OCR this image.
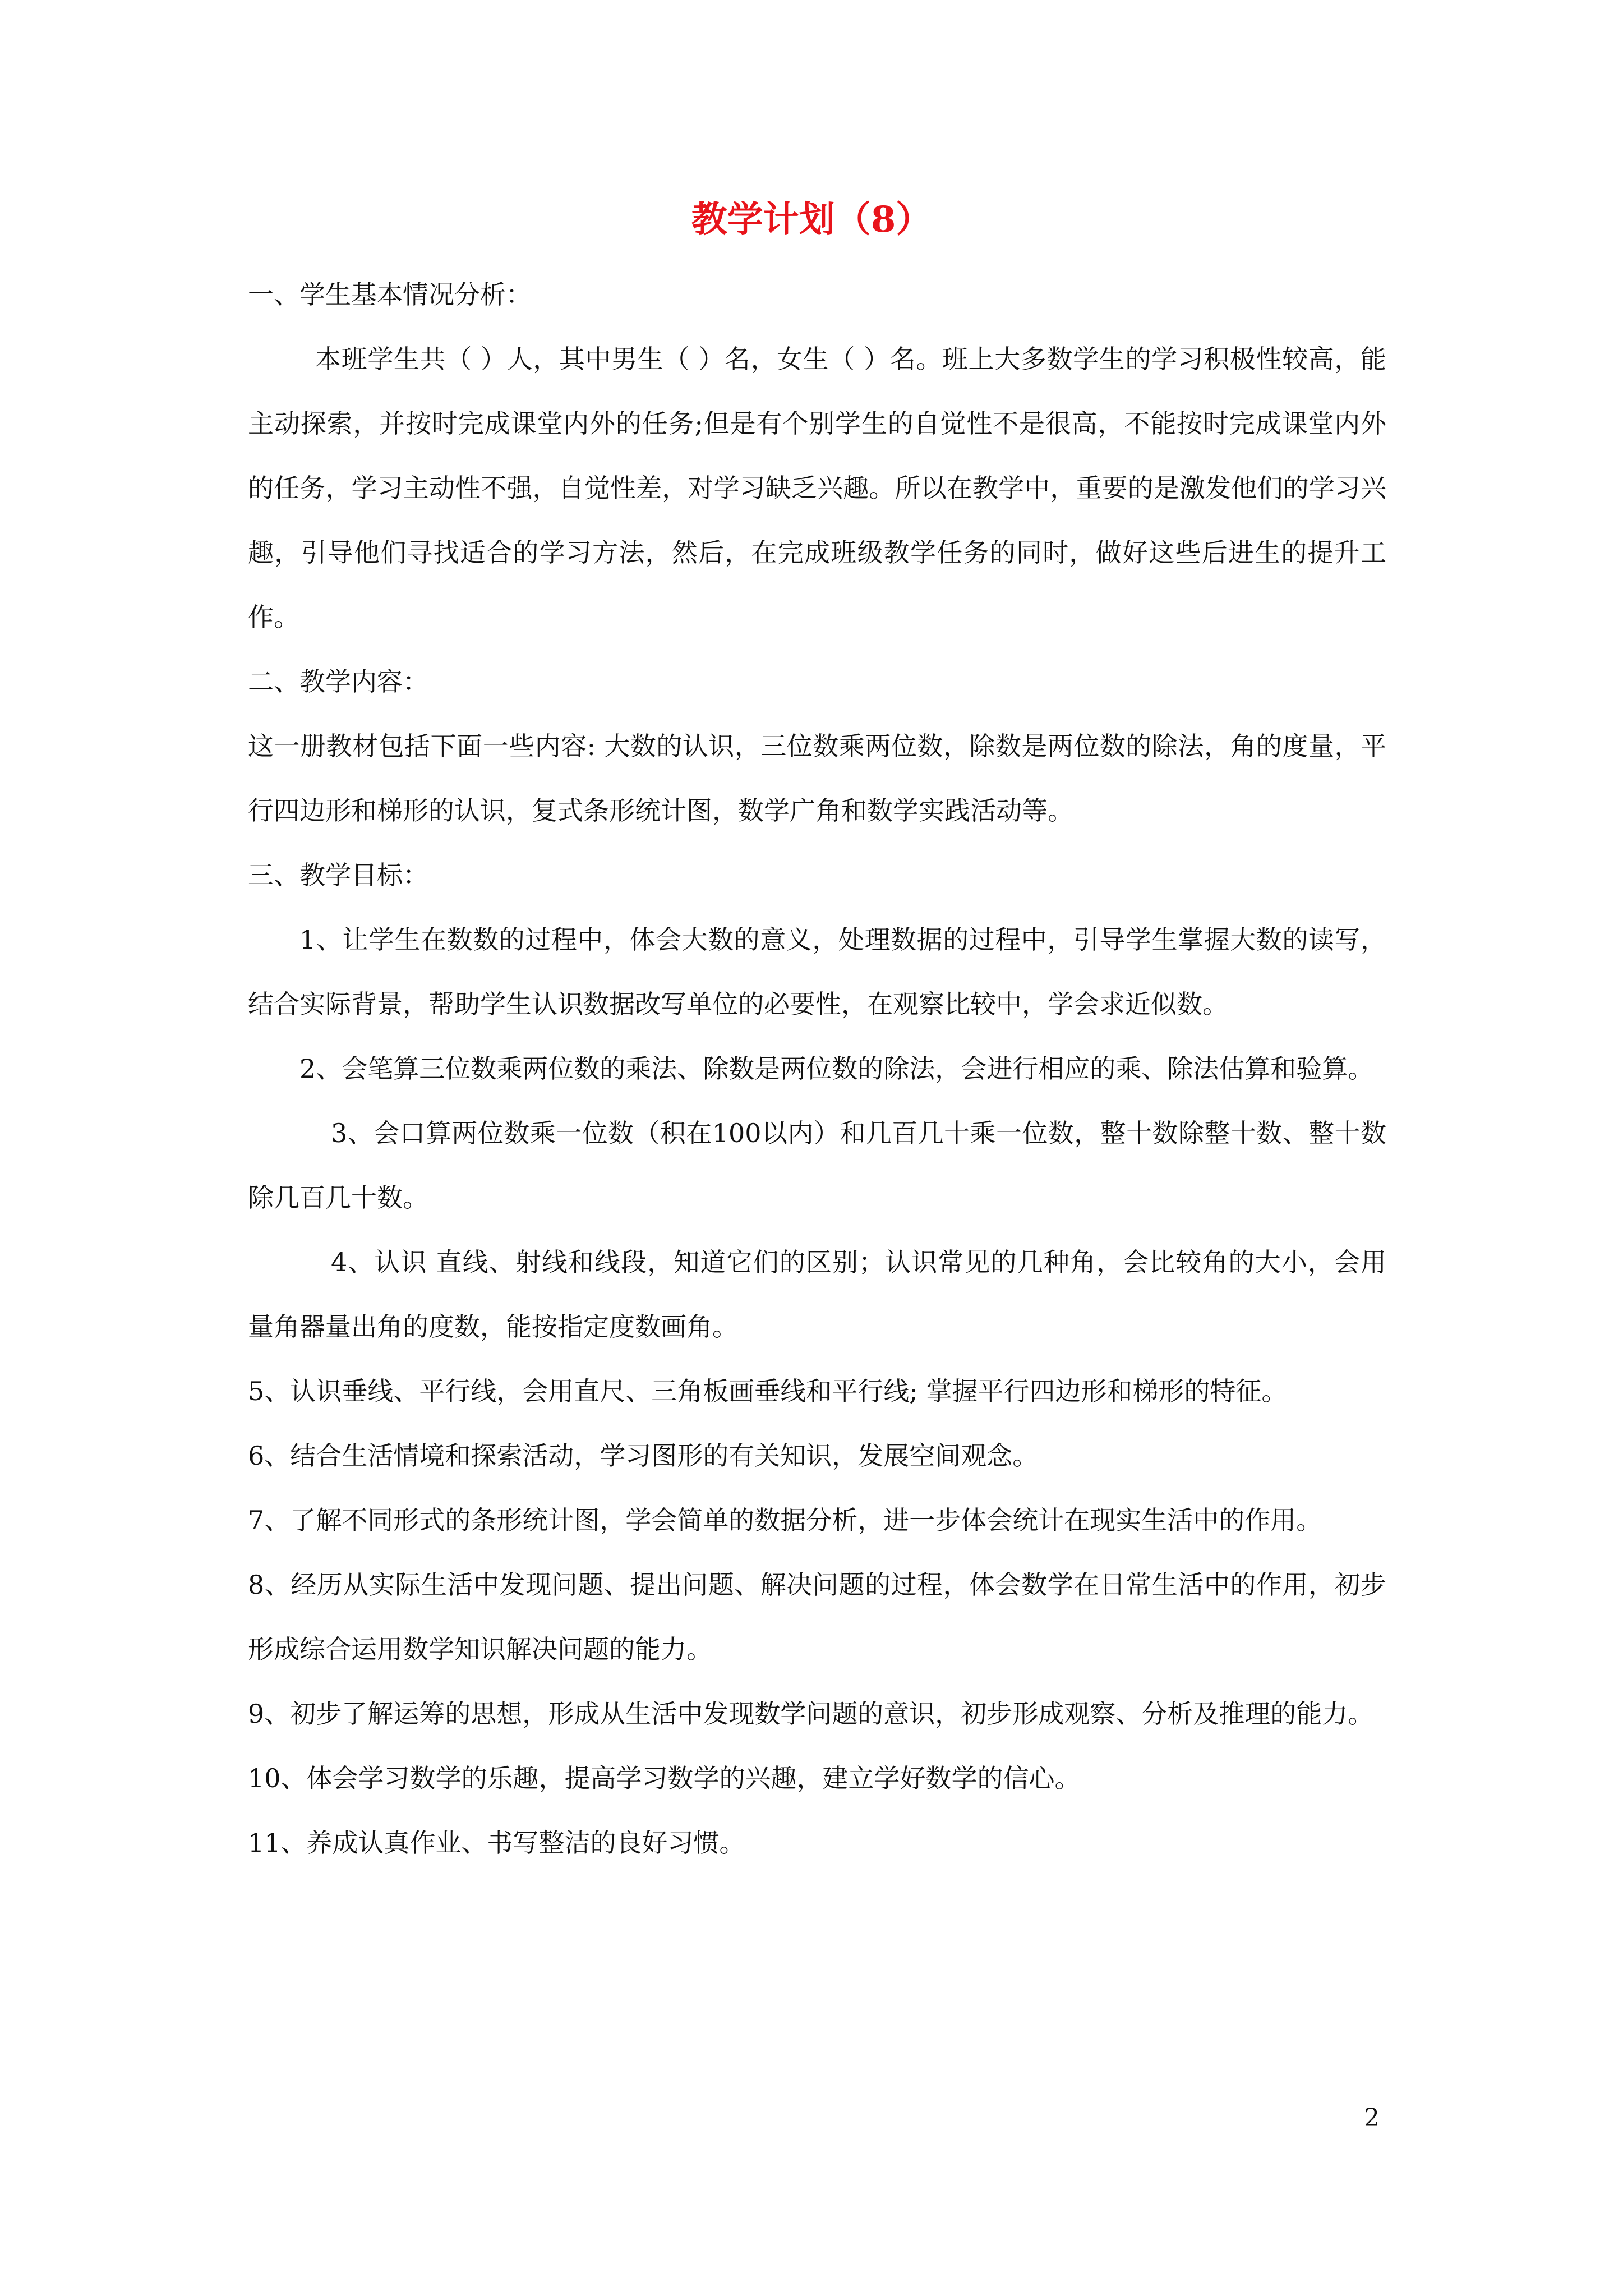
教学计划（8）

一、学生基本情况分析：

本班学生共（ ）人，其中男生（ ）名，女生（ ）名。班上大多数学生的学习积极性较高，能主动探索，并按时完成课堂内外的任务;但是有个别学生的自觉性不是很高，不能按时完成课堂内外的任务，学习主动性不强，自觉性差，对学习缺乏兴趣。所以在教学中，重要的是激发他们的学习兴趣，引导他们寻找适合的学习方法，然后，在完成班级教学任务的同时，做好这些后进生的提升工作。

二、教学内容：

这一册教材包括下面一些内容: 大数的认识，三位数乘两位数，除数是两位数的除法，角的度量，平行四边形和梯形的认识，复式条形统计图，数学广角和数学实践活动等。

三、教学目标：

1、让学生在数数的过程中，体会大数的意义，处理数据的过程中，引导学生掌握大数的读写，结合实际背景，帮助学生认识数据改写单位的必要性，在观察比较中，学会求近似数。

2、会笔算三位数乘两位数的乘法、除数是两位数的除法，会进行相应的乘、除法估算和验算。

3、会口算两位数乘一位数（积在100以内）和几百几十乘一位数，整十数除整十数、整十数除几百几十数。

4、认识 直线、射线和线段，知道它们的区别；认识常见的几种角，会比较角的大小，会用量角器量出角的度数，能按指定度数画角。

5、认识垂线、平行线，会用直尺、三角板画垂线和平行线; 掌握平行四边形和梯形的特征。

6、结合生活情境和探索活动，学习图形的有关知识，发展空间观念。

7、了解不同形式的条形统计图，学会简单的数据分析，进一步体会统计在现实生活中的作用。

8、经历从实际生活中发现问题、提出问题、解决问题的过程，体会数学在日常生活中的作用，初步形成综合运用数学知识解决问题的能力。

9、初步了解运筹的思想，形成从生活中发现数学问题的意识，初步形成观察、分析及推理的能力。

10、体会学习数学的乐趣，提高学习数学的兴趣，建立学好数学的信心。

11、养成认真作业、书写整洁的良好习惯。

2
